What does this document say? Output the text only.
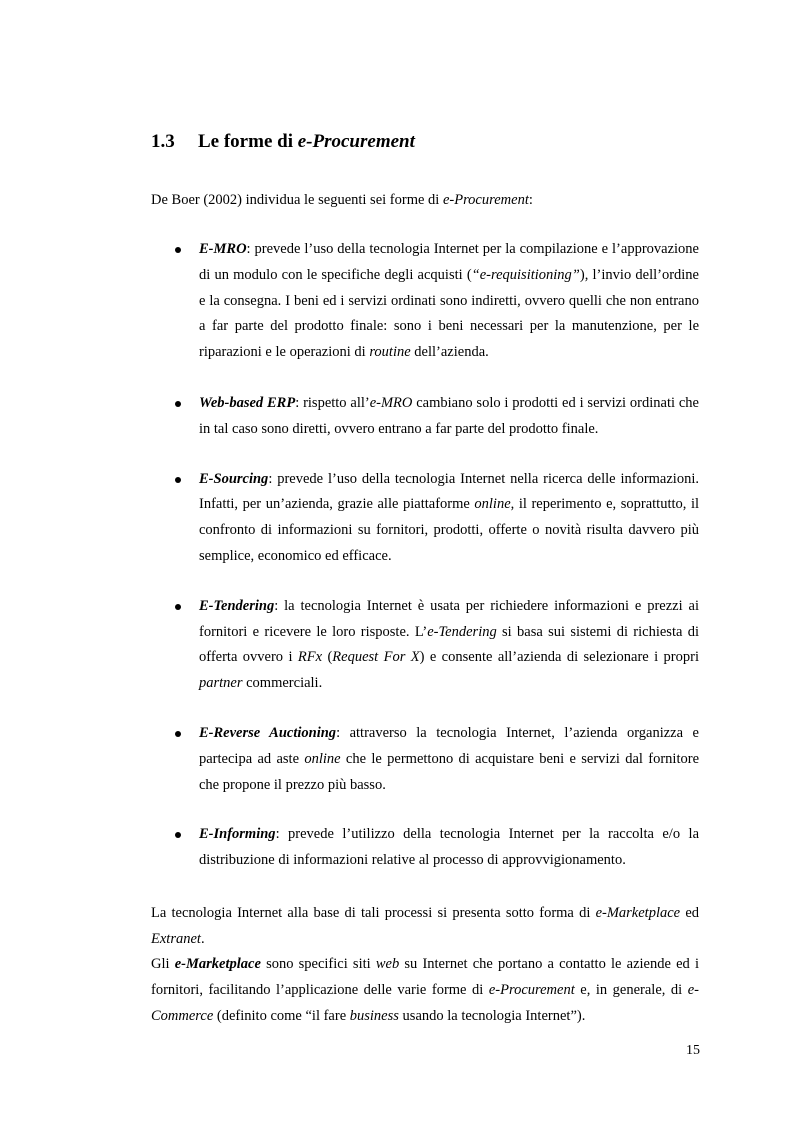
1.3 Le forme di e-Procurement
De Boer (2002) individua le seguenti sei forme di e-Procurement:
E-MRO: prevede l’uso della tecnologia Internet per la compilazione e l’approvazione di un modulo con le specifiche degli acquisti (“e-requisitioning”), l’invio dell’ordine e la consegna. I beni ed i servizi ordinati sono indiretti, ovvero quelli che non entrano a far parte del prodotto finale: sono i beni necessari per la manutenzione, per le riparazioni e le operazioni di routine dell’azienda.
Web-based ERP: rispetto all’e-MRO cambiano solo i prodotti ed i servizi ordinati che in tal caso sono diretti, ovvero entrano a far parte del prodotto finale.
E-Sourcing: prevede l’uso della tecnologia Internet nella ricerca delle informazioni. Infatti, per un’azienda, grazie alle piattaforme online, il reperimento e, soprattutto, il confronto di informazioni su fornitori, prodotti, offerte o novità risulta davvero più semplice, economico ed efficace.
E-Tendering: la tecnologia Internet è usata per richiedere informazioni e prezzi ai fornitori e ricevere le loro risposte. L’e-Tendering si basa sui sistemi di richiesta di offerta ovvero i RFx (Request For X) e consente all’azienda di selezionare i propri partner commerciali.
E-Reverse Auctioning: attraverso la tecnologia Internet, l’azienda organizza e partecipa ad aste online che le permettono di acquistare beni e servizi dal fornitore che propone il prezzo più basso.
E-Informing: prevede l’utilizzo della tecnologia Internet per la raccolta e/o la distribuzione di informazioni relative al processo di approvvigionamento.
La tecnologia Internet alla base di tali processi si presenta sotto forma di e-Marketplace ed Extranet.
Gli e-Marketplace sono specifici siti web su Internet che portano a contatto le aziende ed i fornitori, facilitando l’applicazione delle varie forme di e-Procurement e, in generale, di e-Commerce (definito come “il fare business usando la tecnologia Internet”).
15
